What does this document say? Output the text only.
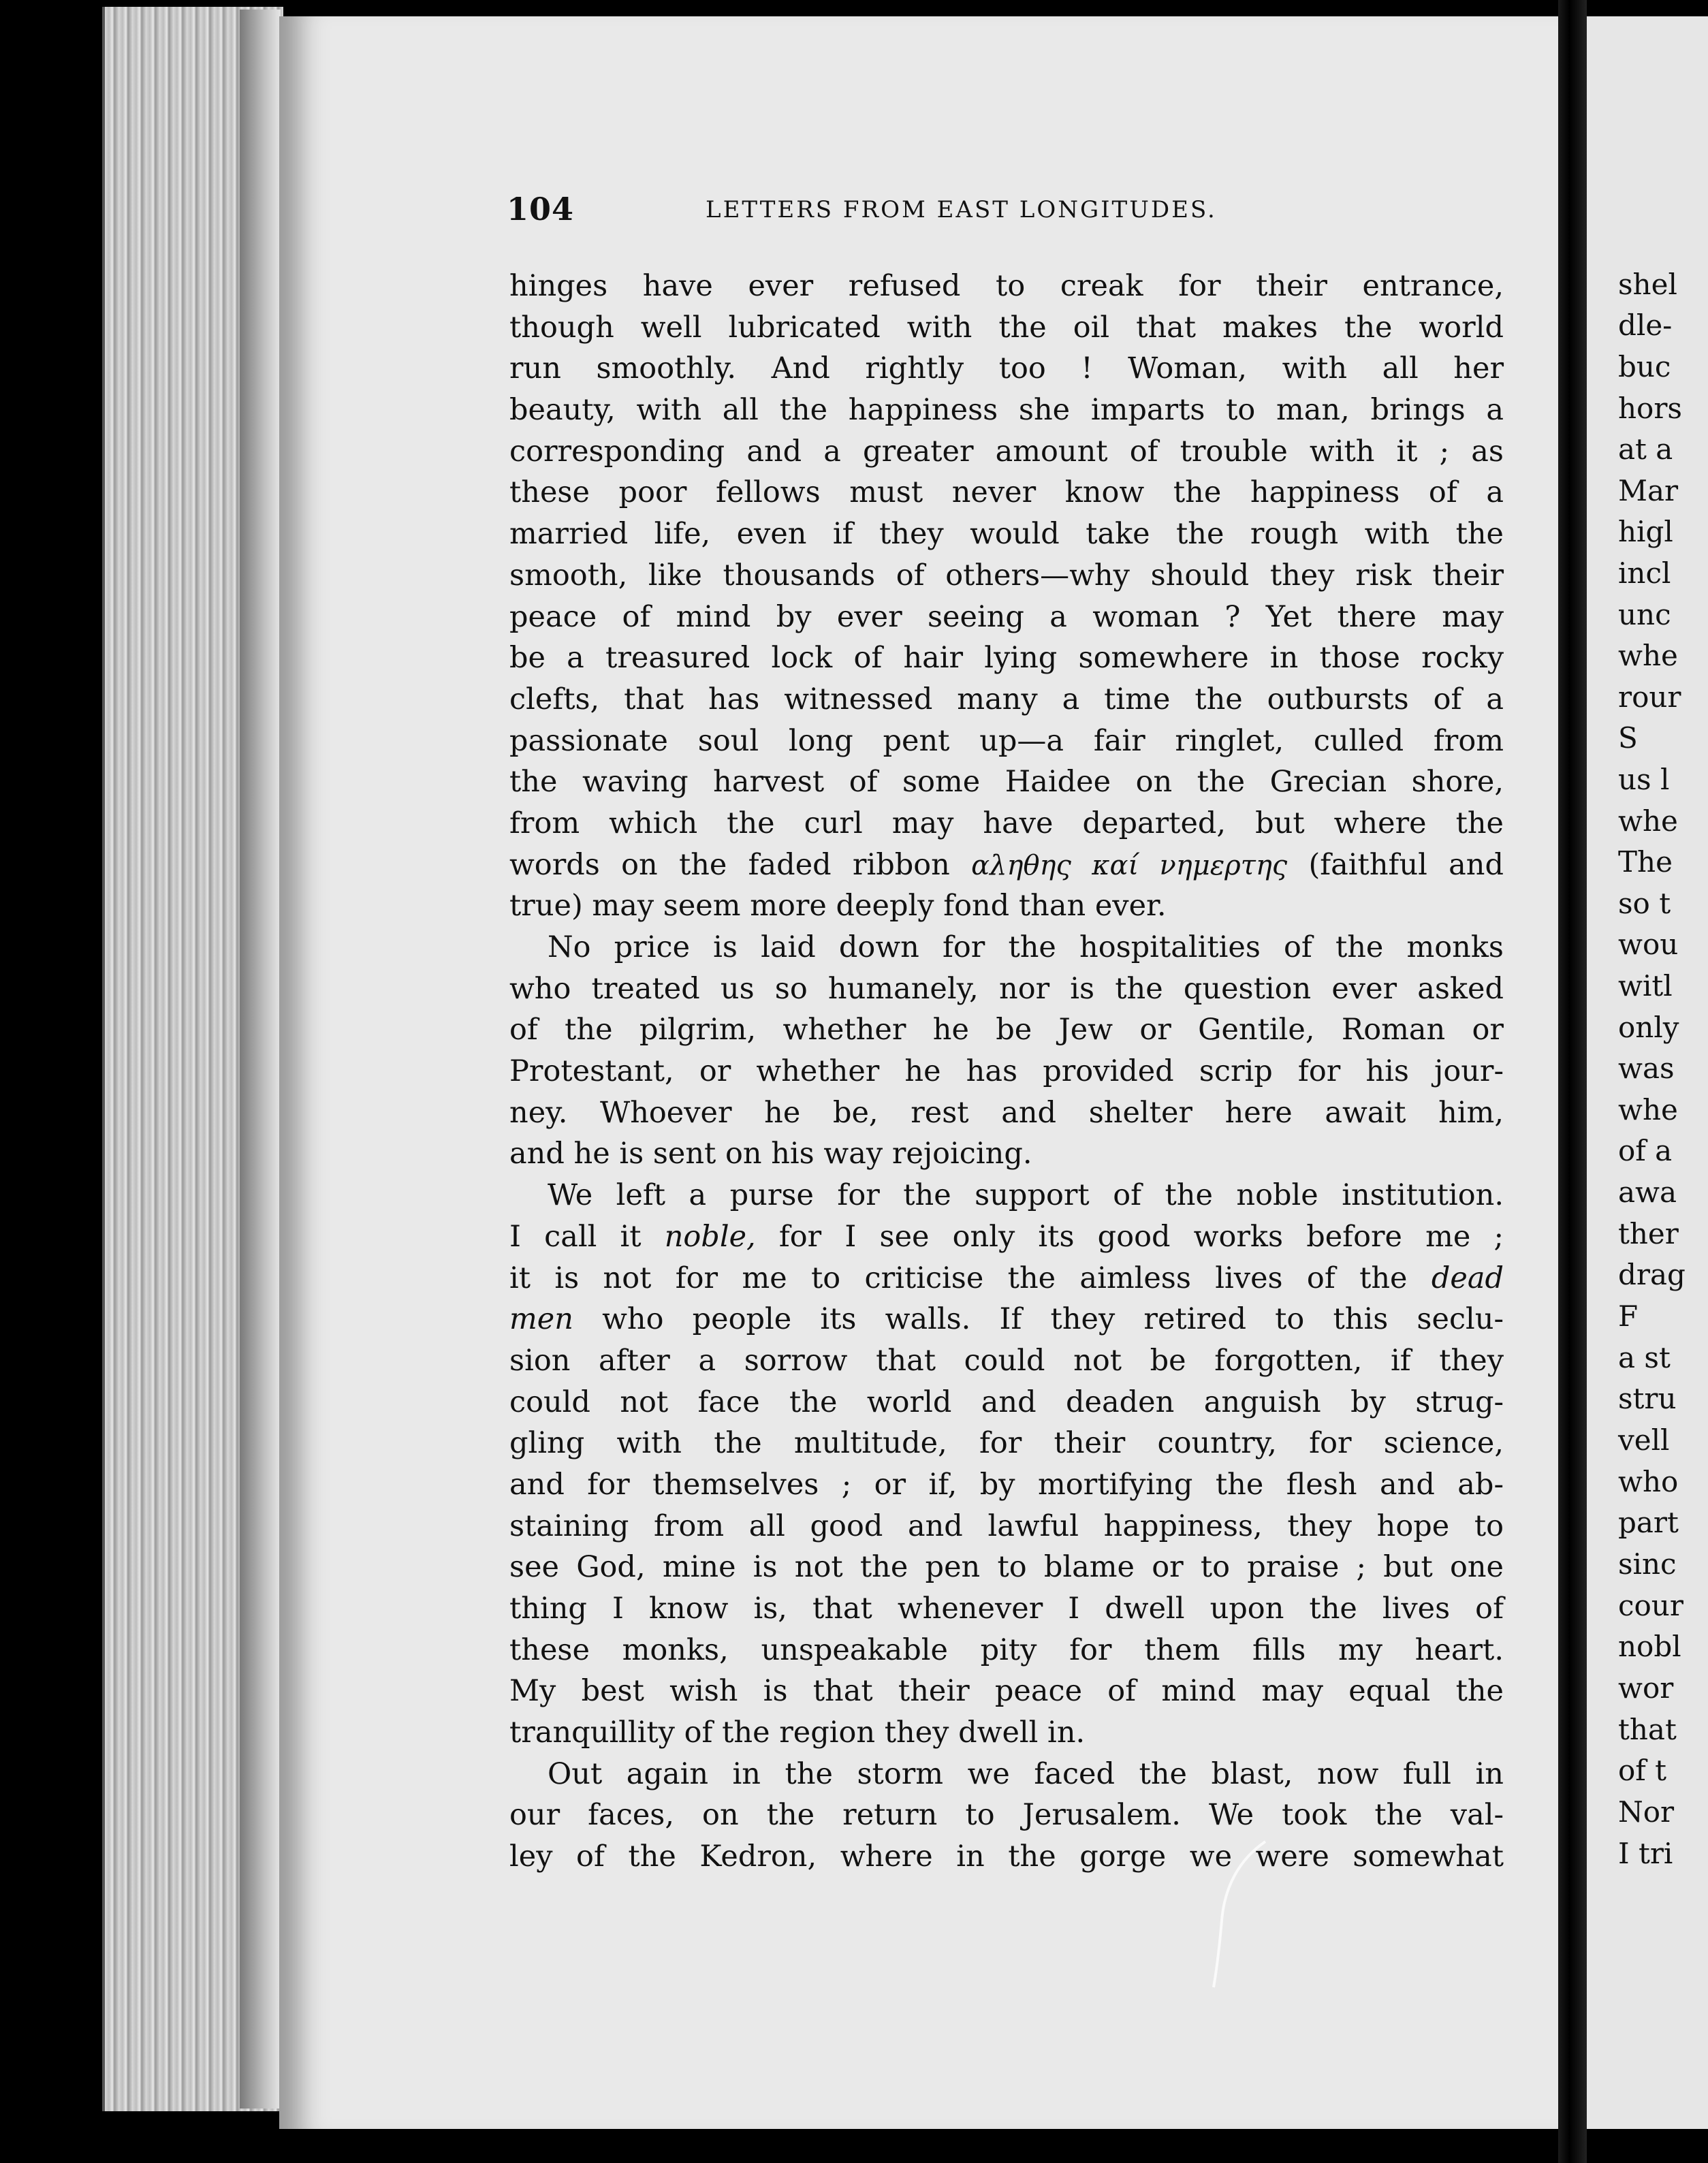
104	LETTERS FROM EAST LONGITUDES.
hinges have ever refused to creak for their entrance,
though well lubricated with the oil that makes the world
run smoothly. And rightly too ! Woman, with all her
beauty, with all the happiness she imparts to man, brings a
corresponding and a greater amount of trouble with it ; as
these poor fellows must never know the happiness of a
married life, even if they would take the rough with the
smooth, like thousands of others—why should they risk their
peace of mind by ever seeing a woman ? Yet there may
be a treasured lock of hair lying somewhere in those rocky
clefts, that has witnessed many a time the outbursts of a
passionate soul long pent up—a fair ringlet, culled from
the waving harvest of some Haidee on the Grecian shore,
from which the curl may have departed, but where the
words on the faded ribbon αληθης καί νημερτης (faithful and
true) may seem more deeply fond than ever.
No price is laid down for the hospitalities of the monks
who treated us so humanely, nor is the question ever asked
of the pilgrim, whether he be Jew or Gentile, Roman or
Protestant, or whether he has provided scrip for his jour-
ney. Whoever he be, rest and shelter here await him,
and he is sent on his way rejoicing.
We left a purse for the support of the noble institution.
I call it noble, for I see only its good works before me ;
it is not for me to criticise the aimless lives of the dead
men who people its walls. If they retired to this seclu-
sion after a sorrow that could not be forgotten, if they
could not face the world and deaden anguish by strug-
gling with the multitude, for their country, for science,
and for themselves ; or if, by mortifying the flesh and ab-
staining from all good and lawful happiness, they hope to
see God, mine is not the pen to blame or to praise ; but one
thing I know is, that whenever I dwell upon the lives of
these monks, unspeakable pity for them fills my heart.
My best wish is that their peace of mind may equal the
tranquillity of the region they dwell in.
Out again in the storm we faced the blast, now full in
our faces, on the return to Jerusalem. We took the val-
ley of the Kedron, where in the gorge we were somewhat
shel
dle-
buc
hors
at a
Mar
higl
incl
unc
whe
rour
S
us l
whe
The
so t
wou
witl
only
was
whe
of a
awa
ther
drag
F
a st
stru
vell
who
part
sinc
cour
nobl
wor
that
of t
Nor
I tri
